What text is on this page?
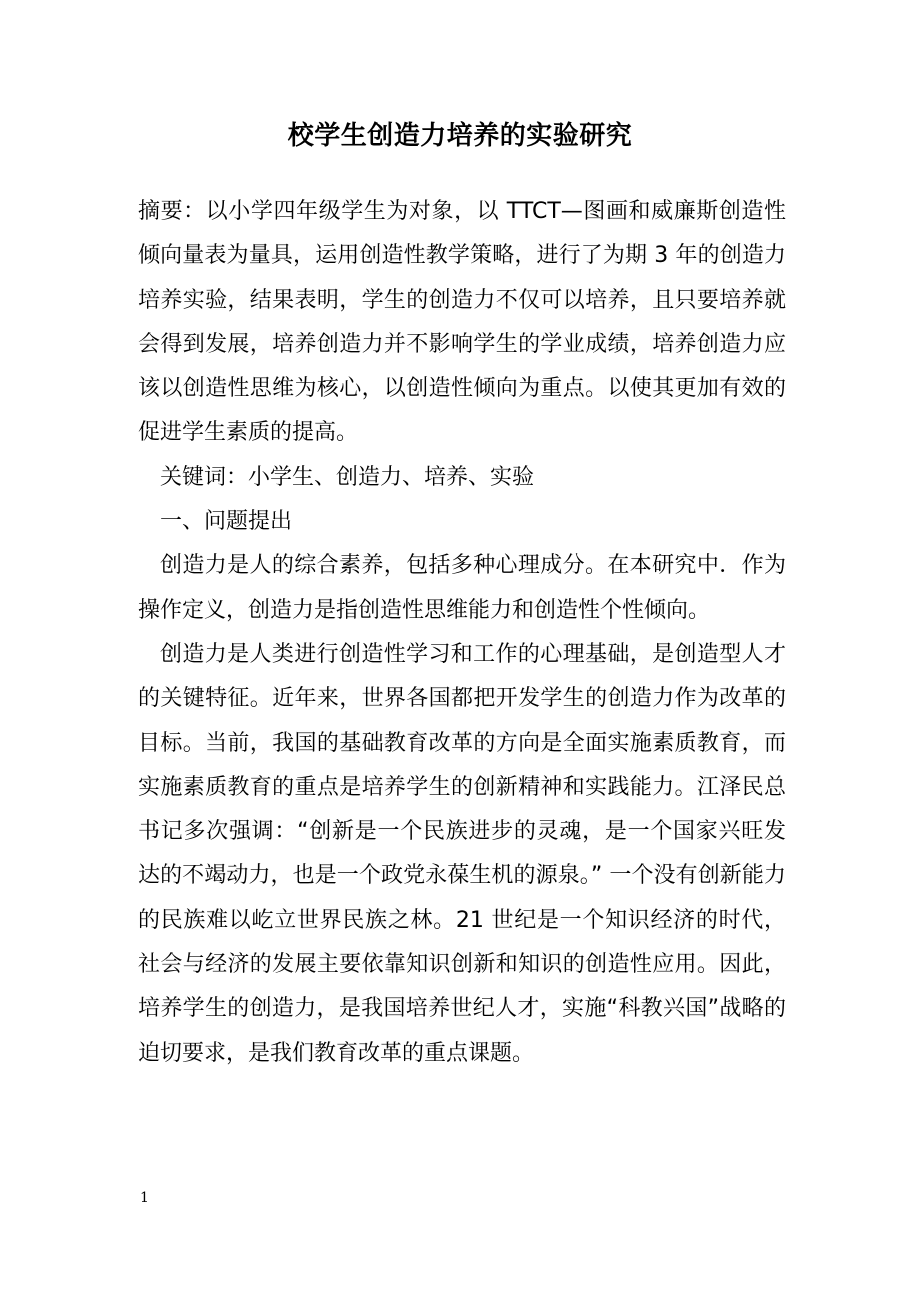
校学生创造力培养的实验研究

摘要：以小学四年级学生为对象，以 TTCT—图画和威廉斯创造性倾向量表为量具，运用创造性教学策略，进行了为期 3 年的创造力培养实验，结果表明，学生的创造力不仅可以培养，且只要培养就会得到发展，培养创造力并不影响学生的学业成绩，培养创造力应该以创造性思维为核心，以创造性倾向为重点。以使其更加有效的促进学生素质的提高。

关键词：小学生、创造力、培养、实验

一、问题提出

创造力是人的综合素养，包括多种心理成分。在本研究中．作为操作定义，创造力是指创造性思维能力和创造性个性倾向。

创造力是人类进行创造性学习和工作的心理基础，是创造型人才的关键特征。近年来，世界各国都把开发学生的创造力作为改革的目标。当前，我国的基础教育改革的方向是全面实施素质教育，而实施素质教育的重点是培养学生的创新精神和实践能力。江泽民总书记多次强调：“创新是一个民族进步的灵魂，是一个国家兴旺发达的不竭动力，也是一个政党永葆生机的源泉。” 一个没有创新能力的民族难以屹立世界民族之林。21 世纪是一个知识经济的时代，社会与经济的发展主要依靠知识创新和知识的创造性应用。因此，培养学生的创造力，是我国培养世纪人才，实施“科教兴国”战略的迫切要求，是我们教育改革的重点课题。

1
